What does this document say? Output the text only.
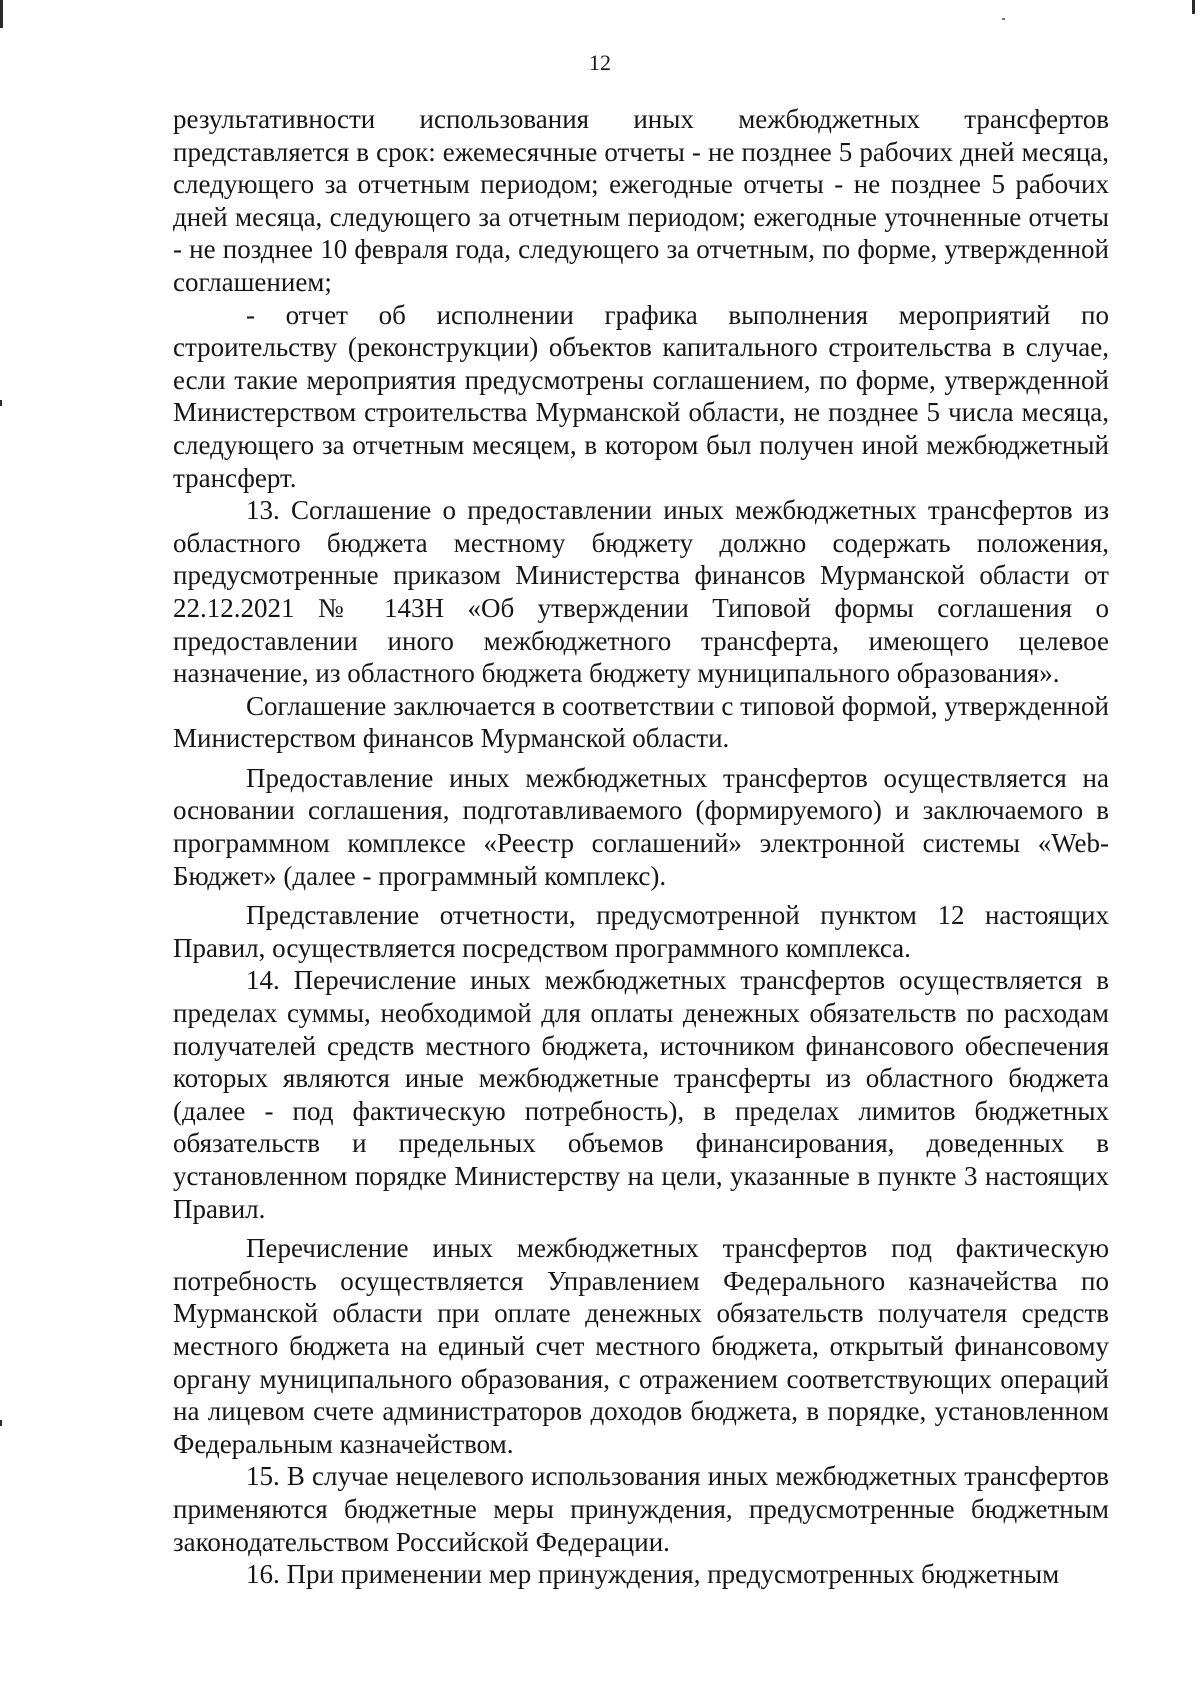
12

результативности использования иных межбюджетных трансфертов представляется в срок: ежемесячные отчеты - не позднее 5 рабочих дней месяца, следующего за отчетным периодом; ежегодные отчеты - не позднее 5 рабочих дней месяца, следующего за отчетным периодом; ежегодные уточненные отчеты - не позднее 10 февраля года, следующего за отчетным, по форме, утвержденной соглашением;

- отчет об исполнении графика выполнения мероприятий по строительству (реконструкции) объектов капитального строительства в случае, если такие мероприятия предусмотрены соглашением, по форме, утвержденной Министерством строительства Мурманской области, не позднее 5 числа месяца, следующего за отчетным месяцем, в котором был получен иной межбюджетный трансферт.

13. Соглашение о предоставлении иных межбюджетных трансфертов из областного бюджета местному бюджету должно содержать положения, предусмотренные приказом Министерства финансов Мурманской области от 22.12.2021 № 143Н «Об утверждении Типовой формы соглашения о предоставлении иного межбюджетного трансферта, имеющего целевое назначение, из областного бюджета бюджету муниципального образования».

Соглашение заключается в соответствии с типовой формой, утвержденной Министерством финансов Мурманской области.

Предоставление иных межбюджетных трансфертов осуществляется на основании соглашения, подготавливаемого (формируемого) и заключаемого в программном комплексе «Реестр соглашений» электронной системы «Web-Бюджет» (далее - программный комплекс).

Представление отчетности, предусмотренной пунктом 12 настоящих Правил, осуществляется посредством программного комплекса.

14. Перечисление иных межбюджетных трансфертов осуществляется в пределах суммы, необходимой для оплаты денежных обязательств по расходам получателей средств местного бюджета, источником финансового обеспечения которых являются иные межбюджетные трансферты из областного бюджета (далее - под фактическую потребность), в пределах лимитов бюджетных обязательств и предельных объемов финансирования, доведенных в установленном порядке Министерству на цели, указанные в пункте 3 настоящих Правил.

Перечисление иных межбюджетных трансфертов под фактическую потребность осуществляется Управлением Федерального казначейства по Мурманской области при оплате денежных обязательств получателя средств местного бюджета на единый счет местного бюджета, открытый финансовому органу муниципального образования, с отражением соответствующих операций на лицевом счете администраторов доходов бюджета, в порядке, установленном Федеральным казначейством.

15. В случае нецелевого использования иных межбюджетных трансфертов применяются бюджетные меры принуждения, предусмотренные бюджетным законодательством Российской Федерации.

16. При применении мер принуждения, предусмотренных бюджетным
